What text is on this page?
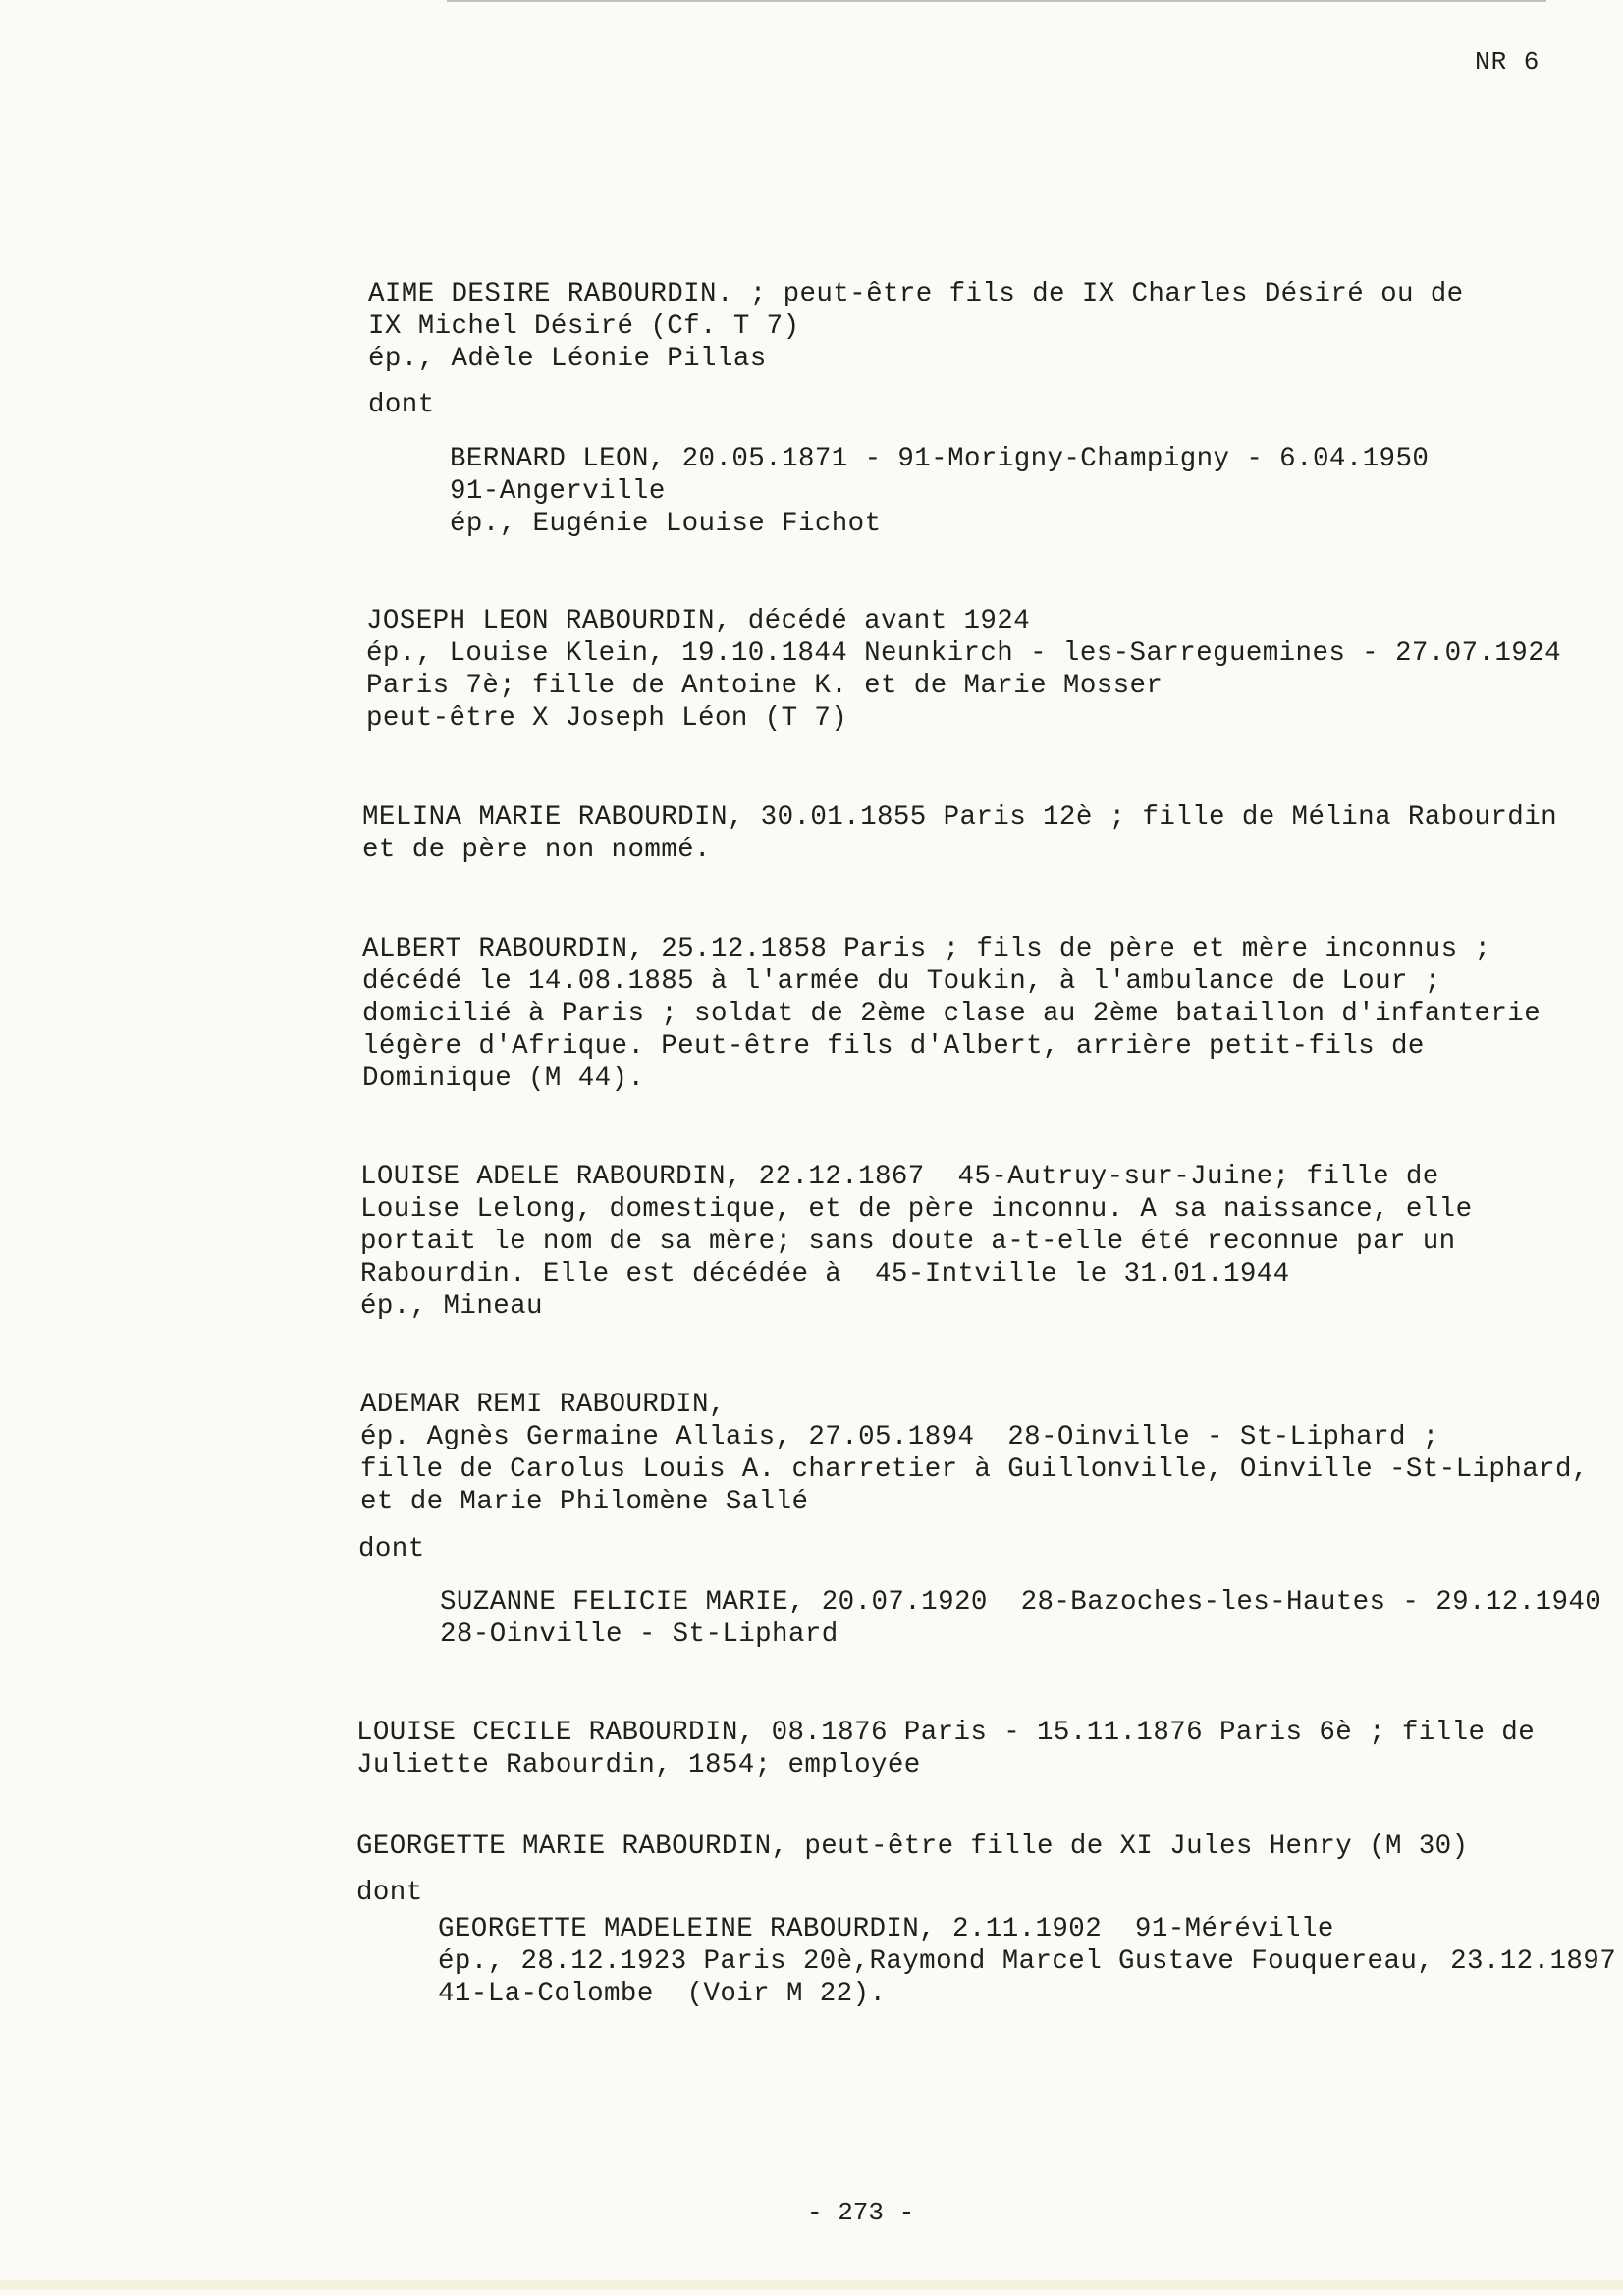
NR 6
AIME DESIRE RABOURDIN. ; peut-être fils de IX Charles Désiré ou de
IX Michel Désiré (Cf. T 7)
ép., Adèle Léonie Pillas
dont
BERNARD LEON, 20.05.1871 - 91-Morigny-Champigny - 6.04.1950
91-Angerville
ép., Eugénie Louise Fichot
JOSEPH LEON RABOURDIN, décédé avant 1924
ép., Louise Klein, 19.10.1844 Neunkirch - les-Sarreguemines - 27.07.1924
Paris 7è; fille de Antoine K. et de Marie Mosser
peut-être X Joseph Léon (T 7)
MELINA MARIE RABOURDIN, 30.01.1855 Paris 12è ; fille de Mélina Rabourdin
et de père non nommé.
ALBERT RABOURDIN, 25.12.1858 Paris ; fils de père et mère inconnus ;
décédé le 14.08.1885 à l'armée du Toukin, à l'ambulance de Lour ;
domicilié à Paris ; soldat de 2ème clase au 2ème bataillon d'infanterie
légère d'Afrique. Peut-être fils d'Albert, arrière petit-fils de
Dominique (M 44).
LOUISE ADELE RABOURDIN, 22.12.1867  45-Autruy-sur-Juine; fille de
Louise Lelong, domestique, et de père inconnu. A sa naissance, elle
portait le nom de sa mère; sans doute a-t-elle été reconnue par un
Rabourdin. Elle est décédée à  45-Intville le 31.01.1944
ép., Mineau
ADEMAR REMI RABOURDIN,
ép. Agnès Germaine Allais, 27.05.1894  28-Oinville - St-Liphard ;
fille de Carolus Louis A. charretier à Guillonville, Oinville -St-Liphard,
et de Marie Philomène Sallé
dont
SUZANNE FELICIE MARIE, 20.07.1920  28-Bazoches-les-Hautes - 29.12.1940
28-Oinville - St-Liphard
LOUISE CECILE RABOURDIN, 08.1876 Paris - 15.11.1876 Paris 6è ; fille de
Juliette Rabourdin, 1854; employée
GEORGETTE MARIE RABOURDIN, peut-être fille de XI Jules Henry (M 30)
dont
GEORGETTE MADELEINE RABOURDIN, 2.11.1902  91-Méréville
ép., 28.12.1923 Paris 20è,Raymond Marcel Gustave Fouquereau, 23.12.1897
41-La-Colombe  (Voir M 22).
- 273 -
